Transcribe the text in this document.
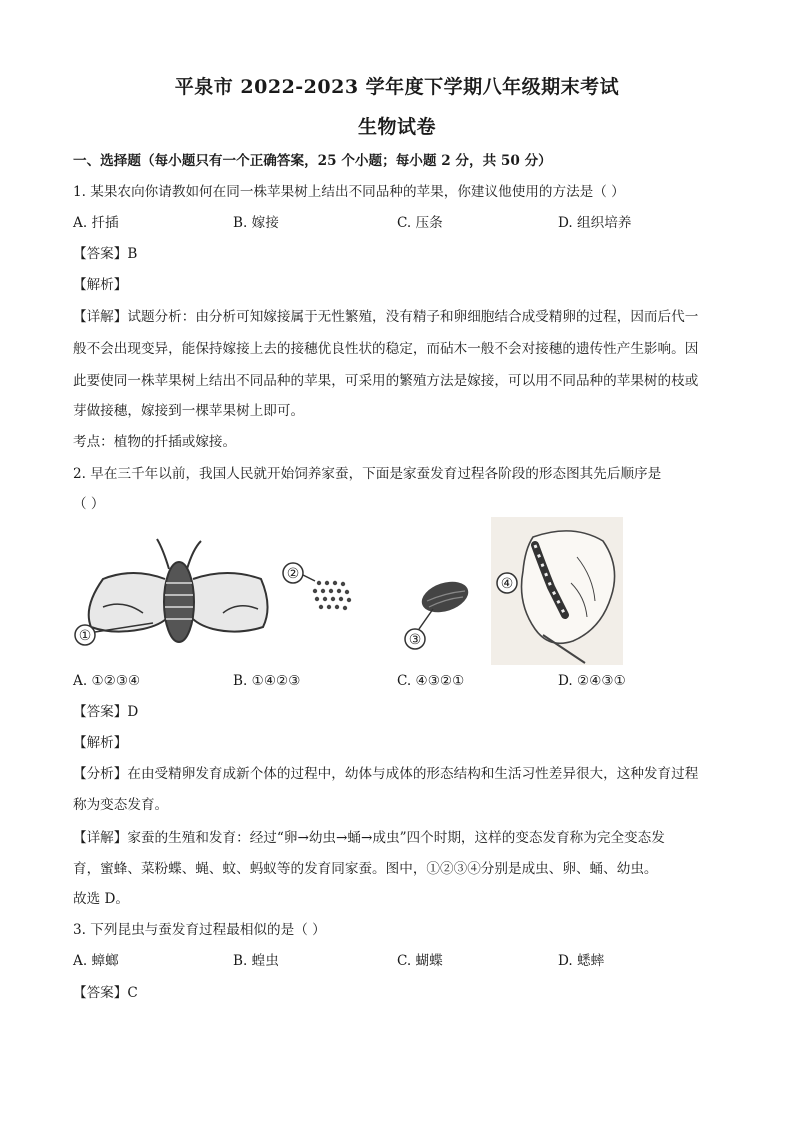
平泉市 2022-2023 学年度下学期八年级期末考试
生物试卷
一、选择题（每小题只有一个正确答案，25 个小题；每小题 2 分，共 50 分）
1. 某果农向你请教如何在同一株苹果树上结出不同品种的苹果，你建议他使用的方法是（ ）
A. 扦插	B. 嫁接	C. 压条	D. 组织培养
【答案】B
【解析】
【详解】试题分析：由分析可知嫁接属于无性繁殖，没有精子和卵细胞结合成受精卵的过程，因而后代一
般不会出现变异，能保持嫁接上去的接穗优良性状的稳定，而砧木一般不会对接穗的遗传性产生影响。因
此要使同一株苹果树上结出不同品种的苹果，可采用的繁殖方法是嫁接，可以用不同品种的苹果树的枝或
芽做接穗，嫁接到一棵苹果树上即可。
考点：植物的扦插或嫁接。
2. 早在三千年以前，我国人民就开始饲养家蚕，下面是家蚕发育过程各阶段的形态图其先后顺序是
（ ）
①
②
③
④
A. ①②③④	B. ①④②③	C. ④③②①	D. ②④③①
【答案】D
【解析】
【分析】在由受精卵发育成新个体的过程中，幼体与成体的形态结构和生活习性差异很大，这种发育过程
称为变态发育。
【详解】家蚕的生殖和发育：经过“卵→幼虫→蛹→成虫”四个时期，这样的变态发育称为完全变态发
育，蜜蜂、菜粉蝶、蝇、蚊、蚂蚁等的发育同家蚕。图中，①②③④分别是成虫、卵、蛹、幼虫。
故选 D。
3. 下列昆虫与蚕发育过程最相似的是（ ）
A. 蟑螂	B. 蝗虫	C. 蝴蝶	D. 蟋蟀
【答案】C
